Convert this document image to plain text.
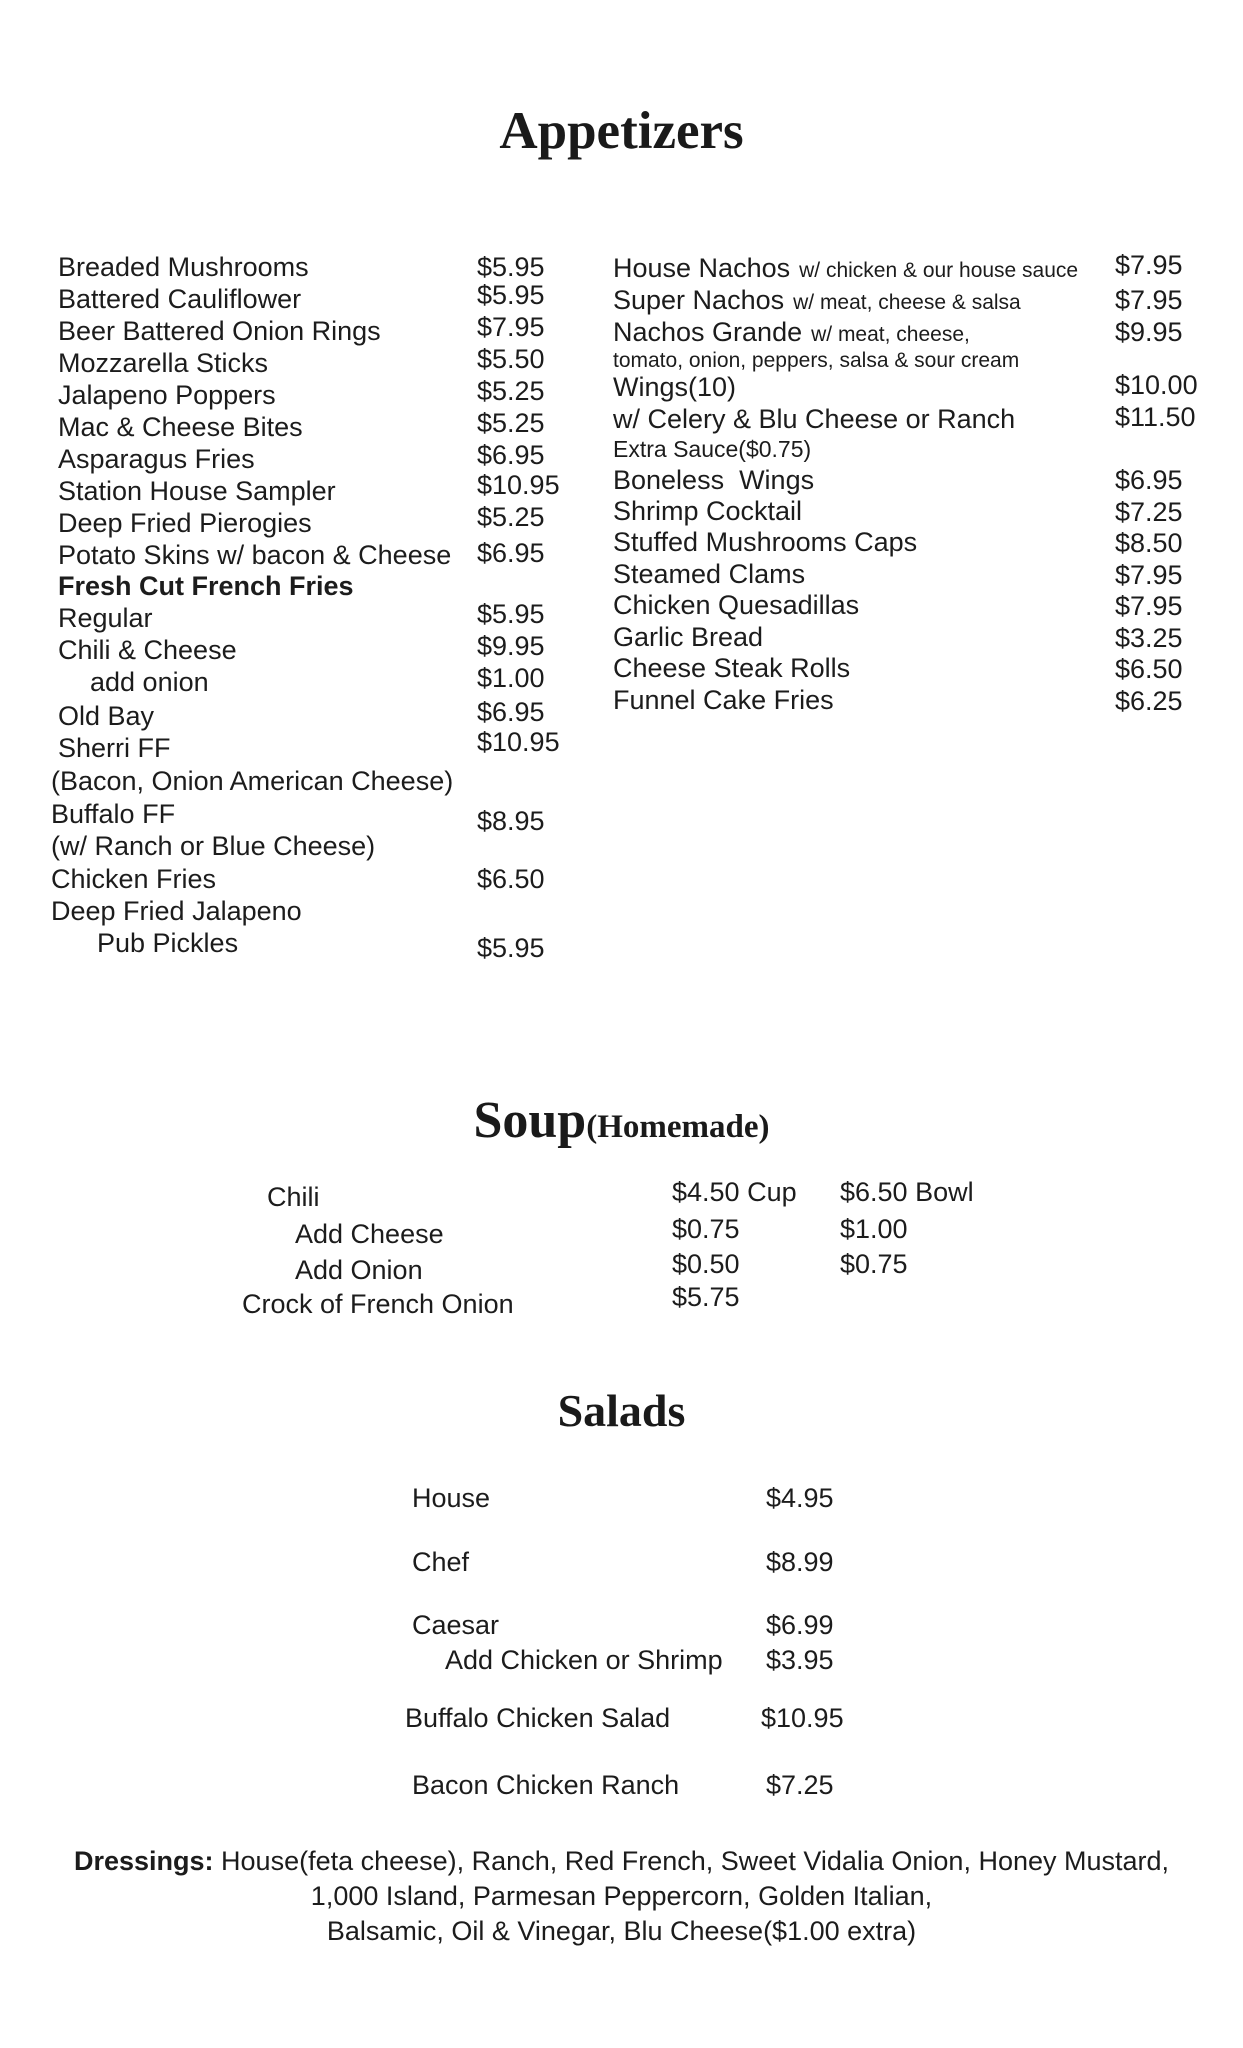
Appetizers
Breaded Mushrooms	$5.95
Battered Cauliflower	$5.95
Beer Battered Onion Rings	$7.95
Mozzarella Sticks	$5.50
Jalapeno Poppers	$5.25
Mac & Cheese Bites	$5.25
Asparagus Fries	$6.95
Station House Sampler	$10.95
Deep Fried Pierogies	$5.25
Potato Skins w/ bacon & Cheese $6.95
Fresh Cut French Fries
Regular	$5.95
Chili & Cheese	$9.95
add onion	$1.00
Old Bay	$6.95
Sherri FF	$10.95
(Bacon, Onion American Cheese)
Buffalo FF	$8.95
(w/ Ranch or Blue Cheese)
Chicken Fries	$6.50
Deep Fried Jalapeno
Pub Pickles	$5.95
House Nachos w/ chicken & our house sauce $7.95
Super Nachos w/ meat, cheese & salsa	$7.95
Nachos Grande w/ meat, cheese,	$9.95
tomato, onion, peppers, salsa & sour cream
Wings(10)	$10.00
w/ Celery & Blu Cheese or Ranch	$11.50
Extra Sauce($0.75)
Boneless  Wings	$6.95
Shrimp Cocktail	$7.25
Stuffed Mushrooms Caps	$8.50
Steamed Clams	$7.95
Chicken Quesadillas	$7.95
Garlic Bread	$3.25
Cheese Steak Rolls	$6.50
Funnel Cake Fries	$6.25
Soup(Homemade)
Chili	$4.50 Cup $6.50 Bowl
Add Cheese	$0.75	$1.00
Add Onion	$0.50	$0.75
Crock of French Onion	$5.75
Salads
House	$4.95
Chef	$8.99
Caesar	$6.99
Add Chicken or Shrimp $3.95
Buffalo Chicken Salad	$10.95
Bacon Chicken Ranch	$7.25
Dressings: House(feta cheese), Ranch, Red French, Sweet Vidalia Onion, Honey Mustard,
1,000 Island, Parmesan Peppercorn, Golden Italian,
Balsamic, Oil & Vinegar, Blu Cheese($1.00 extra)
